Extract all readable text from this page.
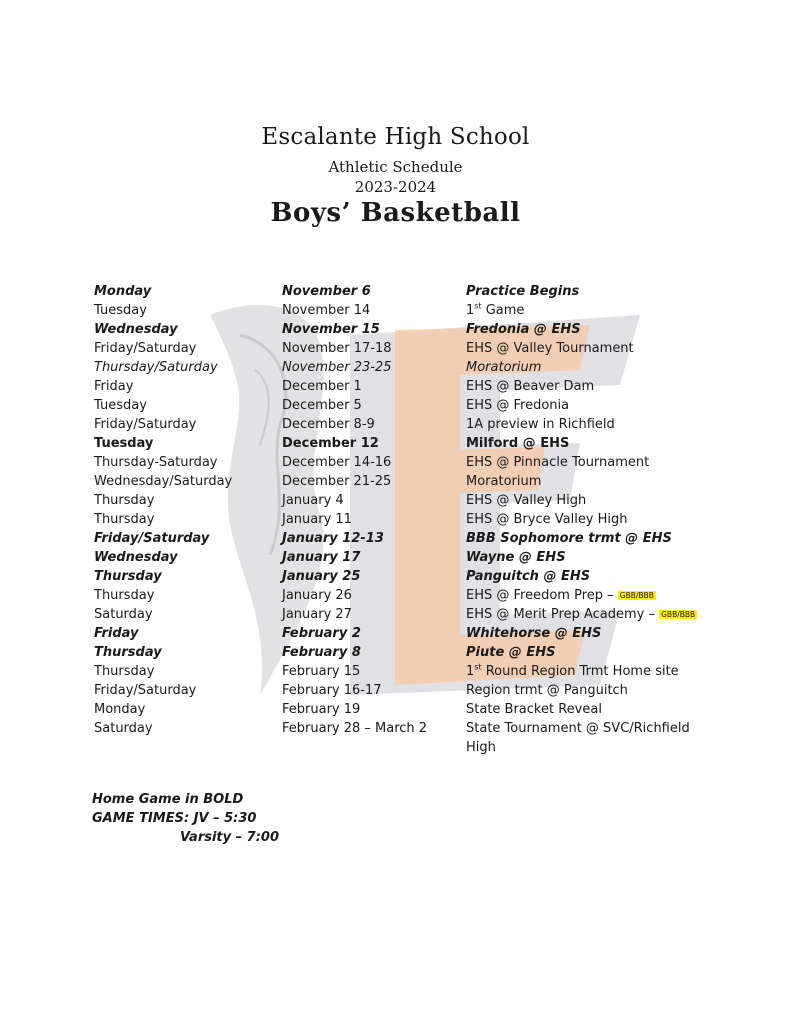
Escalante High School
Athletic Schedule
2023-2024
Boys’ Basketball
Monday	November 6	Practice Begins
Tuesday	November 14	1st Game
Wednesday	November 15	Fredonia @ EHS
Friday/Saturday	November 17-18	EHS @ Valley Tournament
Thursday/Saturday	November 23-25	Moratorium
Friday	December 1	EHS @ Beaver Dam
Tuesday	December 5	EHS @ Fredonia
Friday/Saturday	December 8-9	1A preview in Richfield
Tuesday	December 12	Milford @ EHS
Thursday-Saturday	December 14-16	EHS @ Pinnacle Tournament
Wednesday/Saturday	December 21-25	Moratorium
Thursday	January 4	EHS @ Valley High
Thursday	January 11	EHS @ Bryce Valley High
Friday/Saturday	January 12-13	BBB Sophomore trmt @ EHS
Wednesday	January 17	Wayne @ EHS
Thursday	January 25	Panguitch @ EHS
Thursday	January 26	EHS @ Freedom Prep – GBB/BBB
Saturday	January 27	EHS @ Merit Prep Academy – GBB/BBB
Friday	February 2	Whitehorse @ EHS
Thursday	February 8	Piute @ EHS
Thursday	February 15	1st Round Region Trmt Home site
Friday/Saturday	February 16-17	Region trmt @ Panguitch
Monday	February 19	State Bracket Reveal
Saturday	February 28 – March 2	State Tournament @ SVC/Richfield High
Home Game in BOLD
GAME TIMES: JV – 5:30
Varsity – 7:00
